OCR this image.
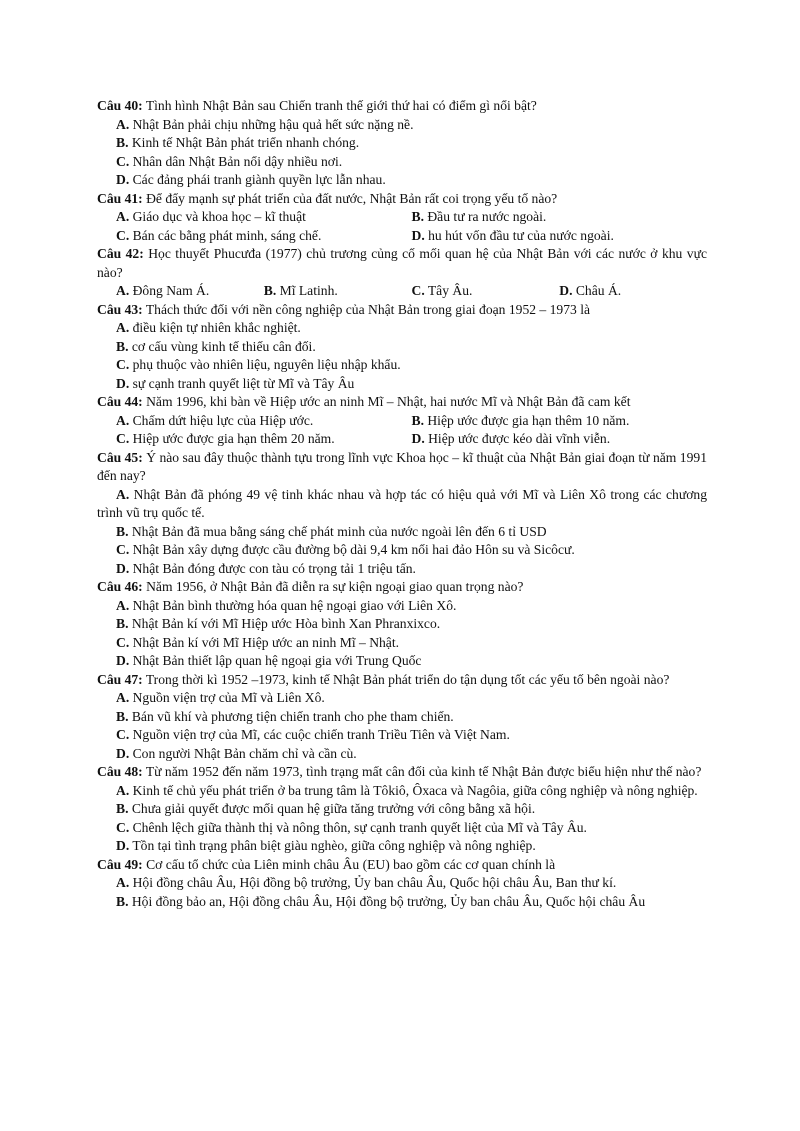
Câu 40: Tình hình Nhật Bản sau Chiến tranh thế giới thứ hai có điểm gì nổi bật?

A. Nhật Bản phải chịu những hậu quả hết sức nặng nề.

B. Kinh tế Nhật Bản phát triển nhanh chóng.

C. Nhân dân Nhật Bản nổi dậy nhiều nơi.

D. Các đảng phái tranh giành quyền lực lẫn nhau.

Câu 41: Để đẩy mạnh sự phát triển của đất nước, Nhật Bản rất coi trọng yếu tố nào?

A. Giáo dục và khoa học – kĩ thuật	B. Đầu tư ra nước ngoài.
C. Bán các bằng phát minh, sáng chế.	D. hu hút vốn đầu tư của nước ngoài.

Câu 42: Học thuyết Phucưđa (1977) chủ trương củng cố mối quan hệ của Nhật Bản với các nước ở khu vực nào?

A. Đông Nam Á.	B. Mĩ Latinh.	C. Tây Âu.	D. Châu Á.

Câu 43: Thách thức đối với nền công nghiệp của Nhật Bản trong giai đoạn 1952 – 1973 là

A. điều kiện tự nhiên khắc nghiệt.

B. cơ cấu vùng kinh tế thiếu cân đối.

C. phụ thuộc vào nhiên liệu, nguyên liệu nhập khẩu.

D. sự cạnh tranh quyết liệt từ Mĩ và Tây Âu

Câu 44: Năm 1996, khi bàn về Hiệp ước an ninh Mĩ – Nhật, hai nước Mĩ và Nhật Bản đã cam kết

A. Chấm dứt hiệu lực của Hiệp ước.	B. Hiệp ước được gia hạn thêm 10 năm.
C. Hiệp ước được gia hạn thêm 20 năm.	D. Hiệp ước được kéo dài vĩnh viễn.

Câu 45: Ý nào sau đây thuộc thành tựu trong lĩnh vực Khoa học – kĩ thuật của Nhật Bản giai đoạn từ năm 1991 đến nay?

A. Nhật Bản đã phóng 49 vệ tinh khác nhau và hợp tác có hiệu quả với Mĩ và Liên Xô trong các chương trình vũ trụ quốc tế.

B. Nhật Bản đã mua bằng sáng chế phát minh của nước ngoài lên đến 6 tỉ USD

C. Nhật Bản xây dựng được cầu đường bộ dài 9,4 km nối hai đảo Hôn su và Sicôcư.

D. Nhật Bản đóng được con tàu có trọng tải 1 triệu tấn.

Câu 46: Năm 1956, ở Nhật Bản đã diễn ra sự kiện ngoại giao quan trọng nào?

A. Nhật Bản bình thường hóa quan hệ ngoại giao với Liên Xô.

B. Nhật Bản kí với Mĩ Hiệp ước Hòa bình Xan Phranxixco.

C. Nhật Bản kí với Mĩ Hiệp ước an ninh Mĩ – Nhật.

D. Nhật Bản thiết lập quan hệ ngoại gia với Trung Quốc

Câu 47: Trong thời kì 1952 –1973, kinh tế Nhật Bản phát triển do tận dụng tốt các yếu tố bên ngoài nào?

A. Nguồn viện trợ của Mĩ và Liên Xô.

B. Bán vũ khí và phương tiện chiến tranh cho phe tham chiến.

C. Nguồn viện trợ của Mĩ, các cuộc chiến tranh Triều Tiên và Việt Nam.

D. Con người Nhật Bản chăm chỉ và cần cù.

Câu 48: Từ năm 1952 đến năm 1973, tình trạng mất cân đối của kinh tế Nhật Bản được biểu hiện như thế nào?

A. Kinh tế chủ yếu phát triển ở ba trung tâm là Tôkiô, Ôxaca và Nagôia, giữa công nghiệp và nông nghiệp.

B. Chưa giải quyết được mối quan hệ giữa tăng trưởng với công bằng xã hội.

C. Chênh lệch giữa thành thị và nông thôn, sự cạnh tranh quyết liệt của Mĩ và Tây Âu.

D. Tồn tại tình trạng phân biệt giàu nghèo, giữa công nghiệp và nông nghiệp.

Câu 49: Cơ cấu tổ chức của Liên minh châu Âu (EU) bao gồm các cơ quan chính là

A. Hội đồng châu Âu, Hội đồng bộ trưởng, Ủy ban châu Âu, Quốc hội châu Âu, Ban thư kí.

B. Hội đồng bảo an, Hội đồng châu Âu, Hội đồng bộ trưởng, Ủy ban châu Âu, Quốc hội châu Âu
